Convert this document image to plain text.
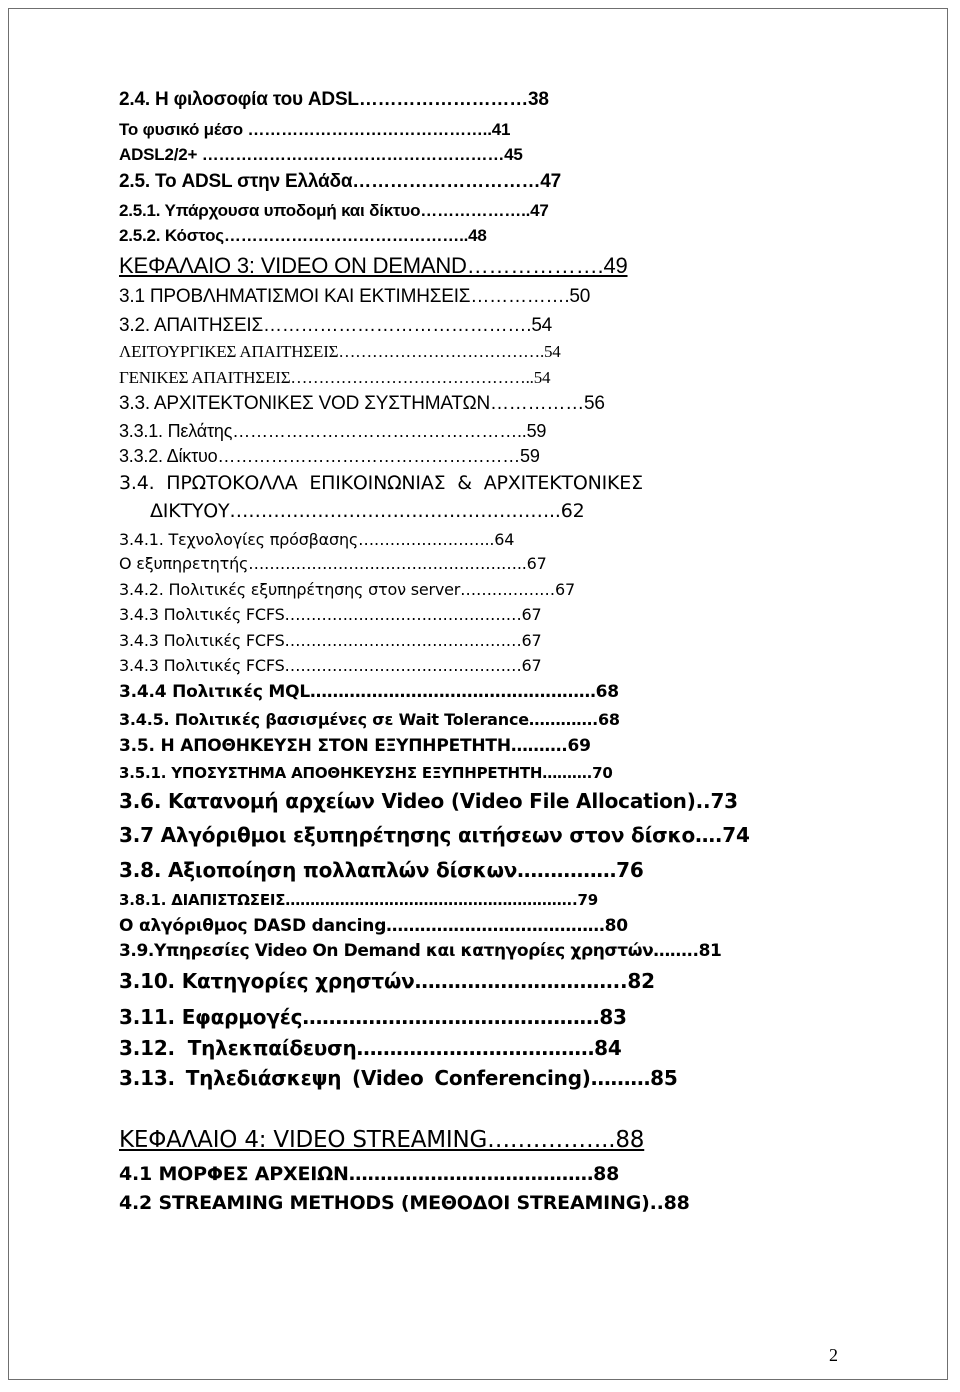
2.4. Η φιλοσοφία του ADSL………………………38
Το φυσικό μέσο ……………………………………..41
ADSL2/2+ ………………………………………………45
2.5. Το ADSL στην Ελλάδα…………………………47
2.5.1. Υπάρχουσα υποδομή και δίκτυο………………..47
2.5.2. Κόστος……………………………………..48
ΚΕΦΑΛΑΙΟ 3: VIDEO ON DEMAND……………….49
3.1 ΠΡΟΒΛΗΜΑΤΙΣΜΟΙ ΚΑΙ ΕΚΤΙΜΗΣΕΙΣ…………….50
3.2. ΑΠΑΙΤΗΣΕΙΣ…………………………………….54
ΛΕΙΤΟΥΡΓΙΚΕΣ ΑΠΑΙΤΗΣΕΙΣ……………………………….54
ΓΕΝΙΚΕΣ ΑΠΑΙΤΗΣΕΙΣ……………………………………..54
3.3. ΑΡΧΙΤΕΚΤΟΝΙΚΕΣ VOD ΣΥΣΤΗΜΑΤΩΝ……………56
3.3.1. Πελάτης…………………………………………..59
3.3.2. Δίκτυο……………………………………………59
3.4. ΠΡΩΤΟΚΟΛΛΑ ΕΠΙΚΟΙΝΩΝΙΑΣ & ΑΡΧΙΤΕΚΤΟΝΙΚΕΣ
ΔΙΚΤΥΟΥ……………………………………………..62
3.4.1. Τεχνολογίες πρόσβασης……………………..64
Ο εξυπηρετητής……………………………………………..67
3.4.2. Πολιτικές εξυπηρέτησης στον server………………67
3.4.3 Πολιτικές FCFS………………………………………67
3.4.3 Πολιτικές FCFS………………………………………67
3.4.3 Πολιτικές FCFS………………………………………67
3.4.4 Πολιτικές MQL……………………………………………68
3.4.5. Πολιτικές βασισμένες σε Wait Tolerance………….68
3.5. Η ΑΠΟΘΗΚΕΥΣΗ ΣΤΟΝ ΕΞΥΠΗΡΕΤΗΤΗ……….69
3.5.1. ΥΠΟΣΥΣΤΗΜΑ ΑΠΟΘΗΚΕΥΣΗΣ ΕΞΥΠΗΡΕΤΗΤΗ……….70
3.6. Κατανομή αρχείων Video (Video File Allocation)..73
3.7 Αλγόριθμοι εξυπηρέτησης αιτήσεων στον δίσκο….74
3.8. Αξιοποίηση πολλαπλών δίσκων……………76
3.8.1. ΔΙΑΠΙΣΤΩΣΕΙΣ…………………………………………………..79
Ο αλγόριθμος DASD dancing…………………………………80
3.9.Υπηρεσίες Video On Demand και κατηγορίες χρηστών……..81
3.10. Κατηγορίες χρηστών…………………………..82
3.11. Εφαρμογές………………………………………83
3.12. Τηλεκπαίδευση………………………………84
3.13. Τηλεδιάσκεψη (Video Conferencing)………85
ΚΕΦΑΛΑΙΟ 4: VIDEO STREAMING……………..88
4.1 ΜΟΡΦΕΣ ΑΡΧΕΙΩΝ…………………………………88
4.2 STREAMING METHODS (ΜΕΘΟΔΟΙ STREAMING)..88
2
